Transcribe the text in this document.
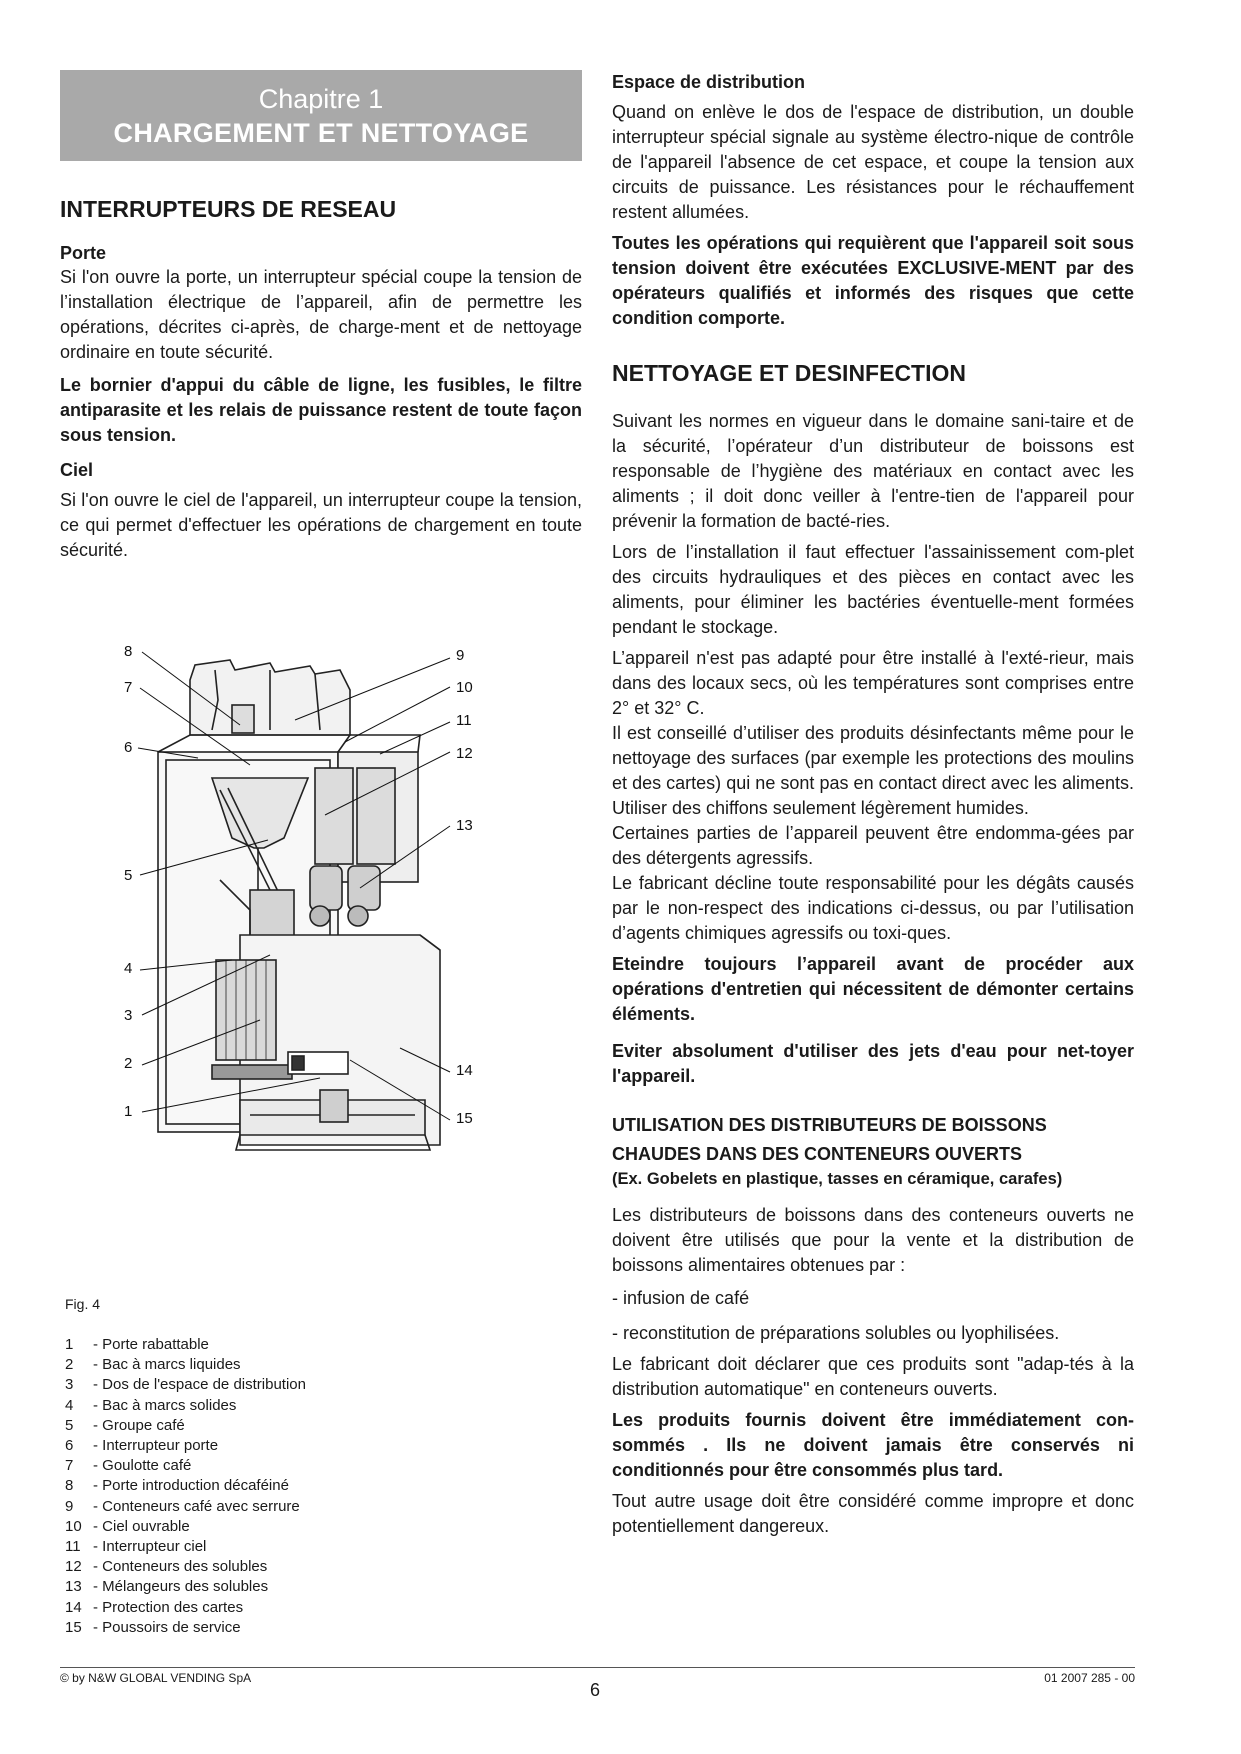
Chapitre 1
CHARGEMENT ET NETTOYAGE
INTERRUPTEURS DE RESEAU
Porte

Si l'on ouvre la porte, un interrupteur spécial coupe la tension de l’installation électrique de l’appareil, afin de permettre les opérations, décrites ci-après, de charge-ment et de nettoyage ordinaire en toute sécurité.

Le bornier d'appui du câble de ligne, les fusibles, le filtre antiparasite et les relais de puissance restent de toute façon sous tension.

Ciel

Si l'on ouvre le ciel de l'appareil, un interrupteur coupe la tension, ce qui permet d'effectuer les opérations de chargement en toute sécurité.

8	9
7	10
11
6	12
13
5
4
3
2	14
1	15
Fig. 4
1	- Porte rabattable
2	- Bac à marcs liquides
3	- Dos de l'espace de distribution
4	- Bac à marcs solides
5	- Groupe café
6	- Interrupteur porte
7	- Goulotte café
8	- Porte introduction décaféiné
9	- Conteneurs café avec serrure
10 - Ciel ouvrable
11 - Interrupteur ciel
12 - Conteneurs des solubles
13 - Mélangeurs des solubles
14 - Protection des cartes
15 - Poussoirs de service
Espace de distribution

Quand on enlève le dos de l'espace de distribution, un double interrupteur spécial signale au système électro-nique de contrôle de l'appareil l'absence de cet espace, et coupe la tension aux circuits de puissance. Les résistances pour le réchauffement restent allumées.

Toutes les opérations qui requièrent que l'appareil soit sous tension doivent être exécutées EXCLUSIVE-MENT par des opérateurs qualifiés et informés des risques que cette condition comporte.

NETTOYAGE ET DESINFECTION

Suivant les normes en vigueur dans le domaine sani-taire et de la sécurité, l’opérateur d’un distributeur de boissons est responsable de l’hygiène des matériaux en contact avec les aliments ; il doit donc veiller à l'entre-tien de l'appareil pour prévenir la formation de bacté-ries.

Lors de l’installation il faut effectuer l'assainissement com-plet des circuits hydrauliques et des pièces en contact avec les aliments, pour éliminer les bactéries éventuelle-ment formées pendant le stockage.

L’appareil n'est pas adapté pour être installé à l'exté-rieur, mais dans des locaux secs, où les températures sont comprises entre 2° et 32° C.

Il est conseillé d’utiliser des produits désinfectants même pour le nettoyage des surfaces (par exemple les protections des moulins et des cartes) qui ne sont pas en contact direct avec les aliments. Utiliser des chiffons seulement légèrement humides.

Certaines parties de l’appareil peuvent être endomma-gées par des détergents agressifs.

Le fabricant décline toute responsabilité pour les dégâts causés par le non-respect des indications ci-dessus, ou par l’utilisation d’agents chimiques agressifs ou toxi-ques.

Eteindre toujours l’appareil avant de procéder aux opérations d'entretien qui nécessitent de démonter certains éléments.

Eviter absolument d'utiliser des jets d'eau pour net-toyer l'appareil.

UTILISATION DES DISTRIBUTEURS DE BOISSONS
CHAUDES DANS DES CONTENEURS OUVERTS

(Ex. Gobelets en plastique, tasses en céramique, carafes)

Les distributeurs de boissons dans des conteneurs ouverts ne doivent être utilisés que pour la vente et la distribution de boissons alimentaires obtenues par :

- infusion de café

- reconstitution de préparations solubles ou lyophilisées.

Le fabricant doit déclarer que ces produits sont "adap-tés à la distribution automatique" en conteneurs ouverts.

Les produits fournis doivent être immédiatement con-sommés . Ils ne doivent jamais être conservés ni conditionnés pour être consommés plus tard.

Tout autre usage doit être considéré comme impropre et donc potentiellement dangereux.

© by N&W GLOBAL VENDING SpA
6
01 2007 285 - 00
